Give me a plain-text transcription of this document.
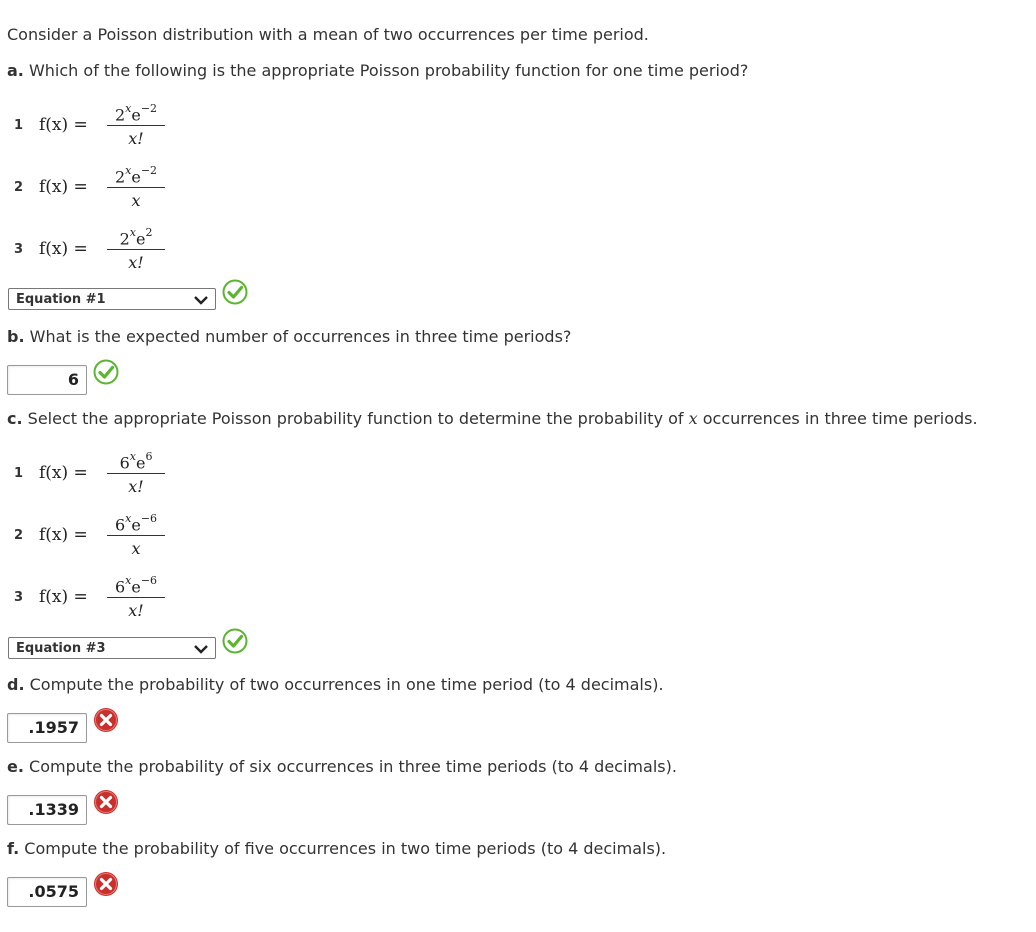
Consider a Poisson distribution with a mean of two occurrences per time period.
a. Which of the following is the appropriate Poisson probability function for one time period?
1 f(x) =
$2^xe^{-2}$
x!
2 f(x) =
$2^xe^{-2}$
x
3 f(x) =
$2^xe^2$
x!
Equation #1
b. What is the expected number of occurrences in three time periods?
6
c. Select the appropriate Poisson probability function to determine the probability of x occurrences in three time periods.
1 f(x) =
$6^xe^6$
x!
2 f(x) =
$6^xe^{-6}$
x
3 f(x) =
$6^xe^{-6}$
x!
Equation #3
d. Compute the probability of two occurrences in one time period (to 4 decimals).
.1957
e. Compute the probability of six occurrences in three time periods (to 4 decimals).
.1339
f. Compute the probability of five occurrences in two time periods (to 4 decimals).
.0575
